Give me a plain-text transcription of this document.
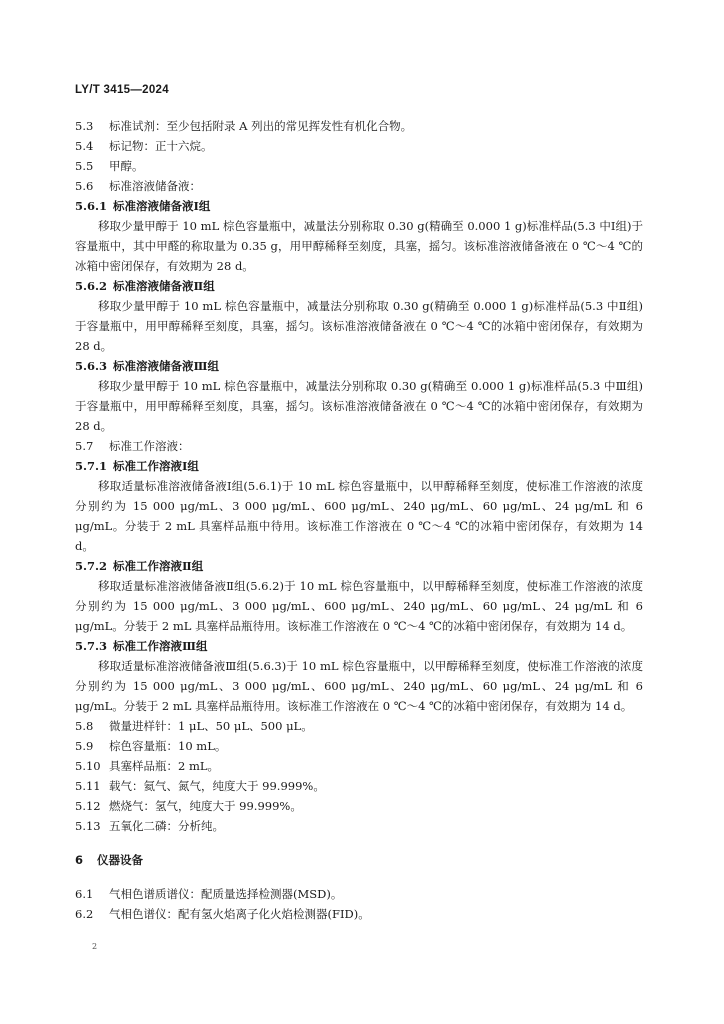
LY/T 3415—2024
5.3 标准试剂：至少包括附录 A 列出的常见挥发性有机化合物。
5.4 标记物：正十六烷。
5.5 甲醇。
5.6 标准溶液储备液：
5.6.1 标准溶液储备液Ⅰ组
移取少量甲醇于 10 mL 棕色容量瓶中，减量法分别称取 0.30 g(精确至 0.000 1 g)标准样品(5.3 中Ⅰ组)于容量瓶中，其中甲醛的称取量为 0.35 g，用甲醇稀释至刻度，具塞，摇匀。该标准溶液储备液在 0 ℃～4 ℃的冰箱中密闭保存，有效期为 28 d。
5.6.2 标准溶液储备液Ⅱ组
移取少量甲醇于 10 mL 棕色容量瓶中，减量法分别称取 0.30 g(精确至 0.000 1 g)标准样品(5.3 中Ⅱ组)于容量瓶中，用甲醇稀释至刻度，具塞，摇匀。该标准溶液储备液在 0 ℃～4 ℃的冰箱中密闭保存，有效期为 28 d。
5.6.3 标准溶液储备液Ⅲ组
移取少量甲醇于 10 mL 棕色容量瓶中，减量法分别称取 0.30 g(精确至 0.000 1 g)标准样品(5.3 中Ⅲ组)于容量瓶中，用甲醇稀释至刻度，具塞，摇匀。该标准溶液储备液在 0 ℃～4 ℃的冰箱中密闭保存，有效期为 28 d。
5.7 标准工作溶液：
5.7.1 标准工作溶液Ⅰ组
移取适量标准溶液储备液Ⅰ组(5.6.1)于 10 mL 棕色容量瓶中，以甲醇稀释至刻度，使标准工作溶液的浓度分别约为 15 000 μg/mL、3 000 μg/mL、600 μg/mL、240 μg/mL、60 μg/mL、24 μg/mL 和 6 μg/mL。分装于 2 mL 具塞样品瓶中待用。该标准工作溶液在 0 ℃～4 ℃的冰箱中密闭保存，有效期为 14 d。
5.7.2 标准工作溶液Ⅱ组
移取适量标准溶液储备液Ⅱ组(5.6.2)于 10 mL 棕色容量瓶中，以甲醇稀释至刻度，使标准工作溶液的浓度分别约为 15 000 μg/mL、3 000 μg/mL、600 μg/mL、240 μg/mL、60 μg/mL、24 μg/mL 和 6 μg/mL。分装于 2 mL 具塞样品瓶待用。该标准工作溶液在 0 ℃～4 ℃的冰箱中密闭保存，有效期为 14 d。
5.7.3 标准工作溶液Ⅲ组
移取适量标准溶液储备液Ⅲ组(5.6.3)于 10 mL 棕色容量瓶中，以甲醇稀释至刻度，使标准工作溶液的浓度分别约为 15 000 μg/mL、3 000 μg/mL、600 μg/mL、240 μg/mL、60 μg/mL、24 μg/mL 和 6 μg/mL。分装于 2 mL 具塞样品瓶待用。该标准工作溶液在 0 ℃～4 ℃的冰箱中密闭保存，有效期为 14 d。
5.8 微量进样针：1 μL、50 μL、500 μL。
5.9 棕色容量瓶：10 mL。
5.10 具塞样品瓶：2 mL。
5.11 载气：氦气、氮气，纯度大于 99.999%。
5.12 燃烧气：氢气，纯度大于 99.999%。
5.13 五氧化二磷：分析纯。
6 仪器设备
6.1 气相色谱质谱仪：配质量选择检测器(MSD)。
6.2 气相色谱仪：配有氢火焰离子化火焰检测器(FID)。
2
